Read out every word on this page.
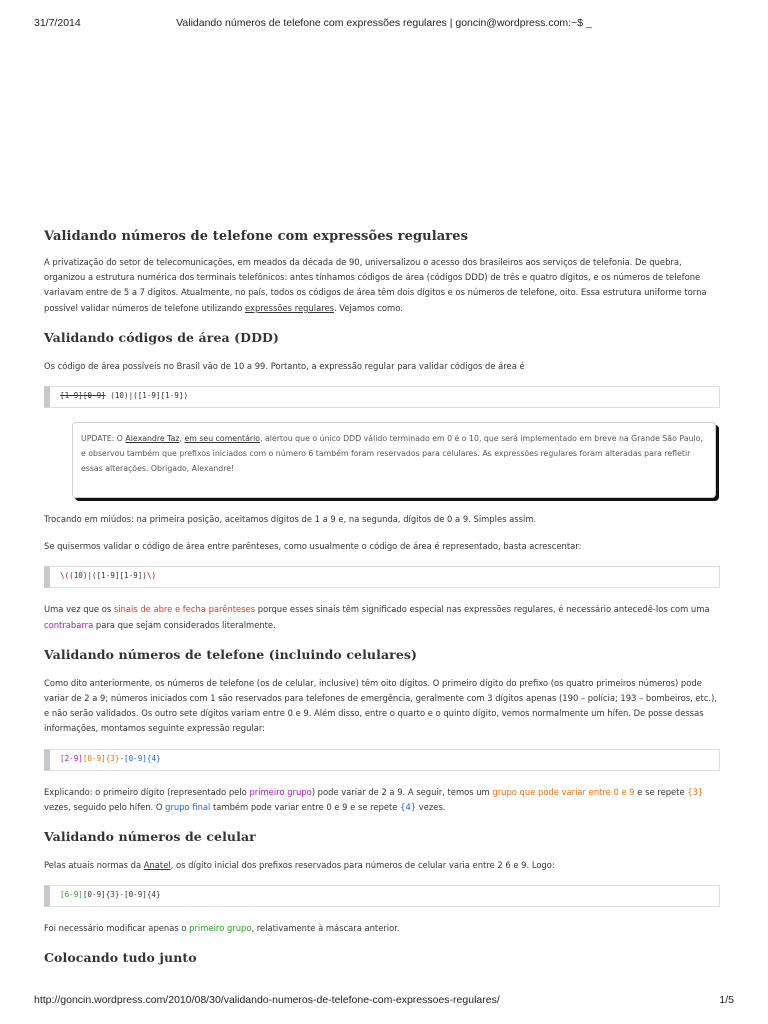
31/7/2014	Validando números de telefone com expressões regulares | goncin@wordpress.com:~$ _
Validando números de telefone com expressões regulares

A privatização do setor de telecomunicações, em meados da década de 90, universalizou o acesso dos brasileiros aos serviços de telefonia. De quebra, organizou a estrutura numérica dos terminais telefônicos: antes tínhamos códigos de área (códigos DDD) de três e quatro dígitos, e os números de telefone variavam entre de 5 a 7 dígitos. Atualmente, no país, todos os códigos de área têm dois dígitos e os números de telefone, oito. Essa estrutura uniforme torna possível validar números de telefone utilizando expressões regulares. Vejamos como.

Validando códigos de área (DDD)

Os código de área possíveis no Brasil vão de 10 a 99. Portanto, a expressão regular para validar códigos de área é

[1-9][0-9] (10)|([1-9][1-9])

UPDATE: O Alexandre Taz, em seu comentário, alertou que o único DDD válido terminado em 0 é o 10, que será implementado em breve na Grande São Paulo, e observou também que prefixos iniciados com o número 6 também foram reservados para celulares. As expressões regulares foram alteradas para refletir essas alterações. Obrigado, Alexandre!

Trocando em miúdos: na primeira posição, aceitamos dígitos de 1 a 9 e, na segunda, dígitos de 0 a 9. Simples assim.

Se quisermos validar o código de área entre parênteses, como usualmente o código de área é representado, basta acrescentar:

\((10)|([1-9][1-9])\)

Uma vez que os sinais de abre e fecha parênteses porque esses sinais têm significado especial nas expressões regulares, é necessário antecedê-los com uma contrabarra para que sejam considerados literalmente.

Validando números de telefone (incluindo celulares)

Como dito anteriormente, os números de telefone (os de celular, inclusive) têm oito dígitos. O primeiro dígito do prefixo (os quatro primeiros números) pode variar de 2 a 9; números iniciados com 1 são reservados para telefones de emergência, geralmente com 3 dígitos apenas (190 – polícia; 193 – bombeiros, etc.), e não serão validados. Os outro sete dígitos variam entre 0 e 9. Além disso, entre o quarto e o quinto dígito, vemos normalmente um hífen. De posse dessas informações, montamos seguinte expressão regular:

[2-9][0-9]{3}-[0-9]{4}

Explicando: o primeiro dígito (representado pelo primeiro grupo) pode variar de 2 a 9. A seguir, temos um grupo que pode variar entre 0 e 9 e se repete {3} vezes, seguido pelo hífen. O grupo final também pode variar entre 0 e 9 e se repete {4} vezes.

Validando números de celular

Pelas atuais normas da Anatel, os dígito inicial dos prefixos reservados para números de celular varia entre 2 6 e 9. Logo:

[6-9][0-9]{3}-[0-9]{4}

Foi necessário modificar apenas o primeiro grupo, relativamente à máscara anterior.

Colocando tudo junto
http://goncin.wordpress.com/2010/08/30/validando-numeros-de-telefone-com-expressoes-regulares/	1/5
